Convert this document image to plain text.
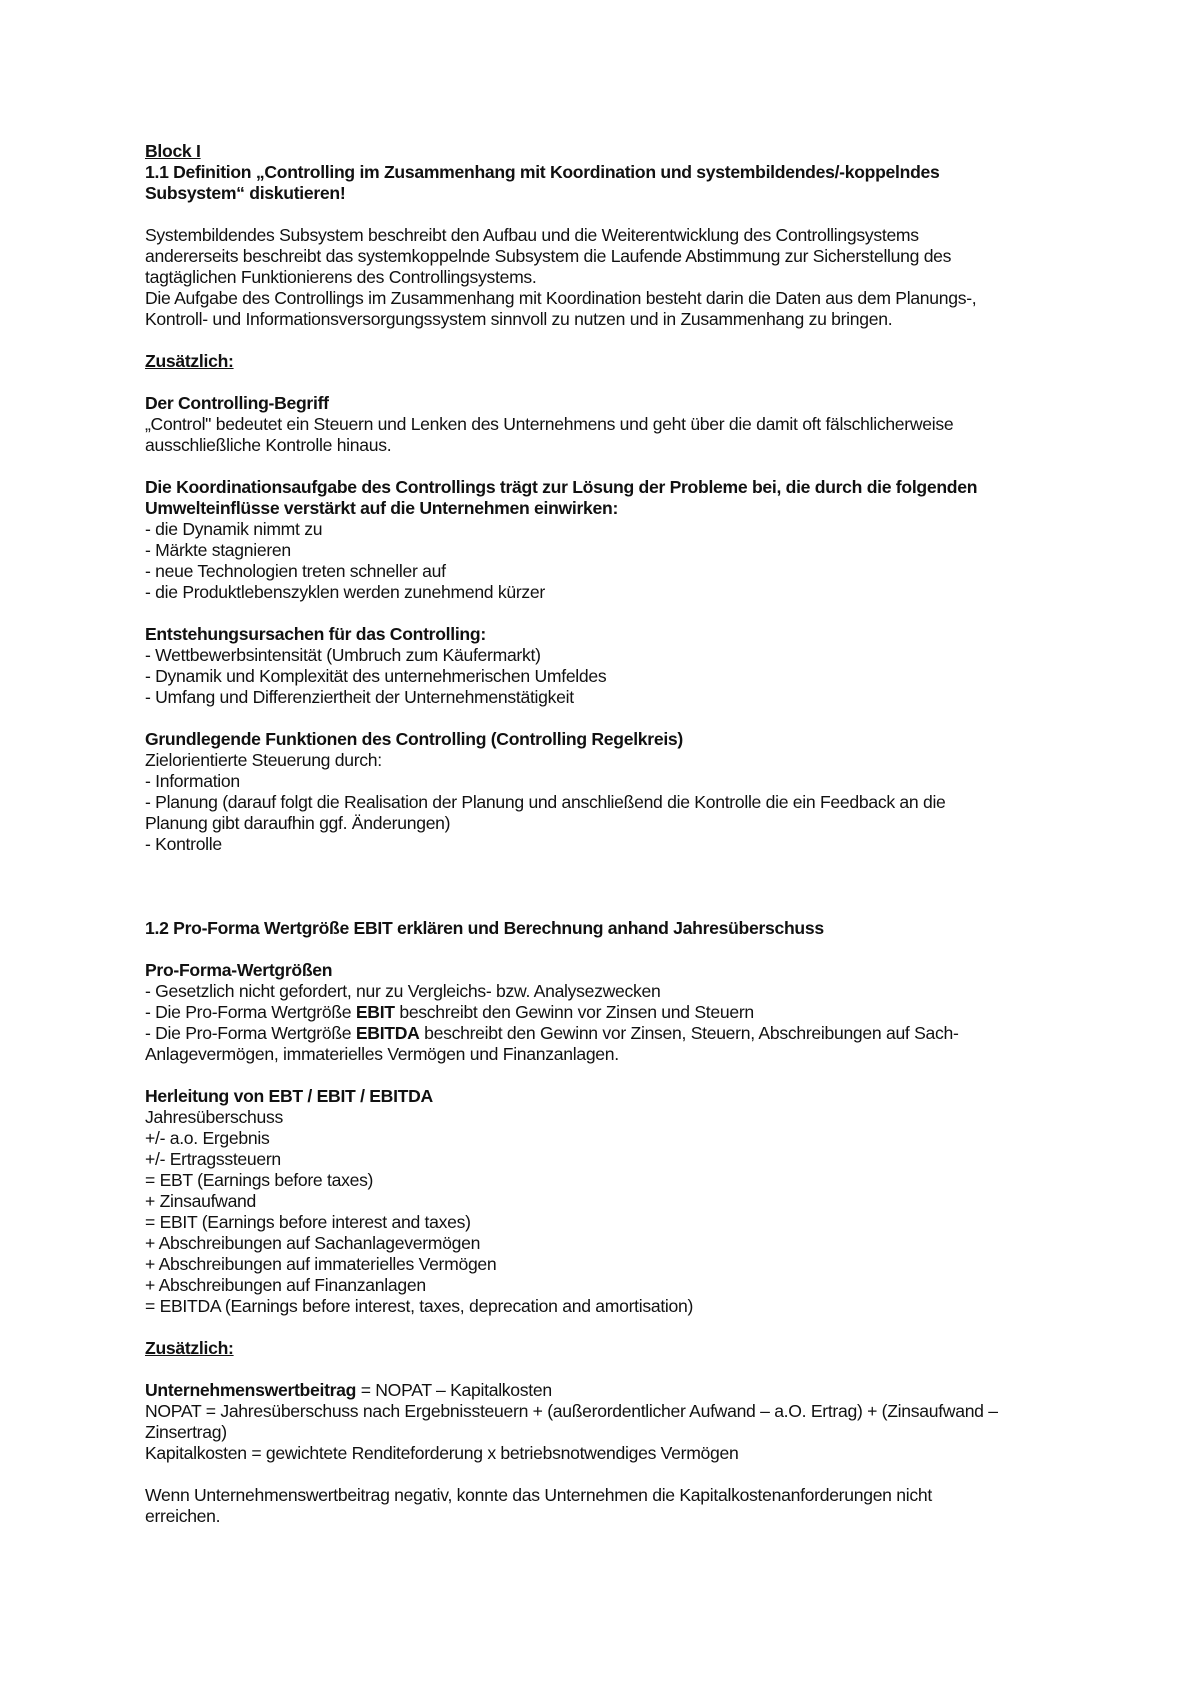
Block I
1.1 Definition „Controlling im Zusammenhang mit Koordination und systembildendes/-koppelndes
Subsystem“ diskutieren!
Systembildendes Subsystem beschreibt den Aufbau und die Weiterentwicklung des Controllingsystems
andererseits beschreibt das systemkoppelnde Subsystem die Laufende Abstimmung zur Sicherstellung des
tagtäglichen Funktionierens des Controllingsystems.
Die Aufgabe des Controllings im Zusammenhang mit Koordination besteht darin die Daten aus dem Planungs-,
Kontroll- und Informationsversorgungssystem sinnvoll zu nutzen und in Zusammenhang zu bringen.
Zusätzlich:
Der Controlling-Begriff
„Control" bedeutet ein Steuern und Lenken des Unternehmens und geht über die damit oft fälschlicherweise
ausschließliche Kontrolle hinaus.
Die Koordinationsaufgabe des Controllings trägt zur Lösung der Probleme bei, die durch die folgenden
Umwelteinflüsse verstärkt auf die Unternehmen einwirken:
- die Dynamik nimmt zu
- Märkte stagnieren
- neue Technologien treten schneller auf
- die Produktlebenszyklen werden zunehmend kürzer
Entstehungsursachen für das Controlling:
- Wettbewerbsintensität (Umbruch zum Käufermarkt)
- Dynamik und Komplexität des unternehmerischen Umfeldes
- Umfang und Differenziertheit der Unternehmenstätigkeit
Grundlegende Funktionen des Controlling (Controlling Regelkreis)
Zielorientierte Steuerung durch:
- Information
- Planung (darauf folgt die Realisation der Planung und anschließend die Kontrolle die ein Feedback an die
Planung gibt daraufhin ggf. Änderungen)
- Kontrolle
1.2 Pro-Forma Wertgröße EBIT erklären und Berechnung anhand Jahresüberschuss
Pro-Forma-Wertgrößen
- Gesetzlich nicht gefordert, nur zu Vergleichs- bzw. Analysezwecken
- Die Pro-Forma Wertgröße EBIT beschreibt den Gewinn vor Zinsen und Steuern
- Die Pro-Forma Wertgröße EBITDA beschreibt den Gewinn vor Zinsen, Steuern, Abschreibungen auf Sach-
Anlagevermögen, immaterielles Vermögen und Finanzanlagen.
Herleitung von EBT / EBIT / EBITDA
Jahresüberschuss
+/- a.o. Ergebnis
+/- Ertragssteuern
= EBT (Earnings before taxes)
+ Zinsaufwand
= EBIT (Earnings before interest and taxes)
+ Abschreibungen auf Sachanlagevermögen
+ Abschreibungen auf immaterielles Vermögen
+ Abschreibungen auf Finanzanlagen
= EBITDA (Earnings before interest, taxes, deprecation and amortisation)
Zusätzlich:
Unternehmenswertbeitrag = NOPAT – Kapitalkosten
NOPAT = Jahresüberschuss nach Ergebnissteuern + (außerordentlicher Aufwand – a.O. Ertrag) + (Zinsaufwand –
Zinsertrag)
Kapitalkosten = gewichtete Renditeforderung x betriebsnotwendiges Vermögen
Wenn Unternehmenswertbeitrag negativ, konnte das Unternehmen die Kapitalkostenanforderungen nicht
erreichen.
